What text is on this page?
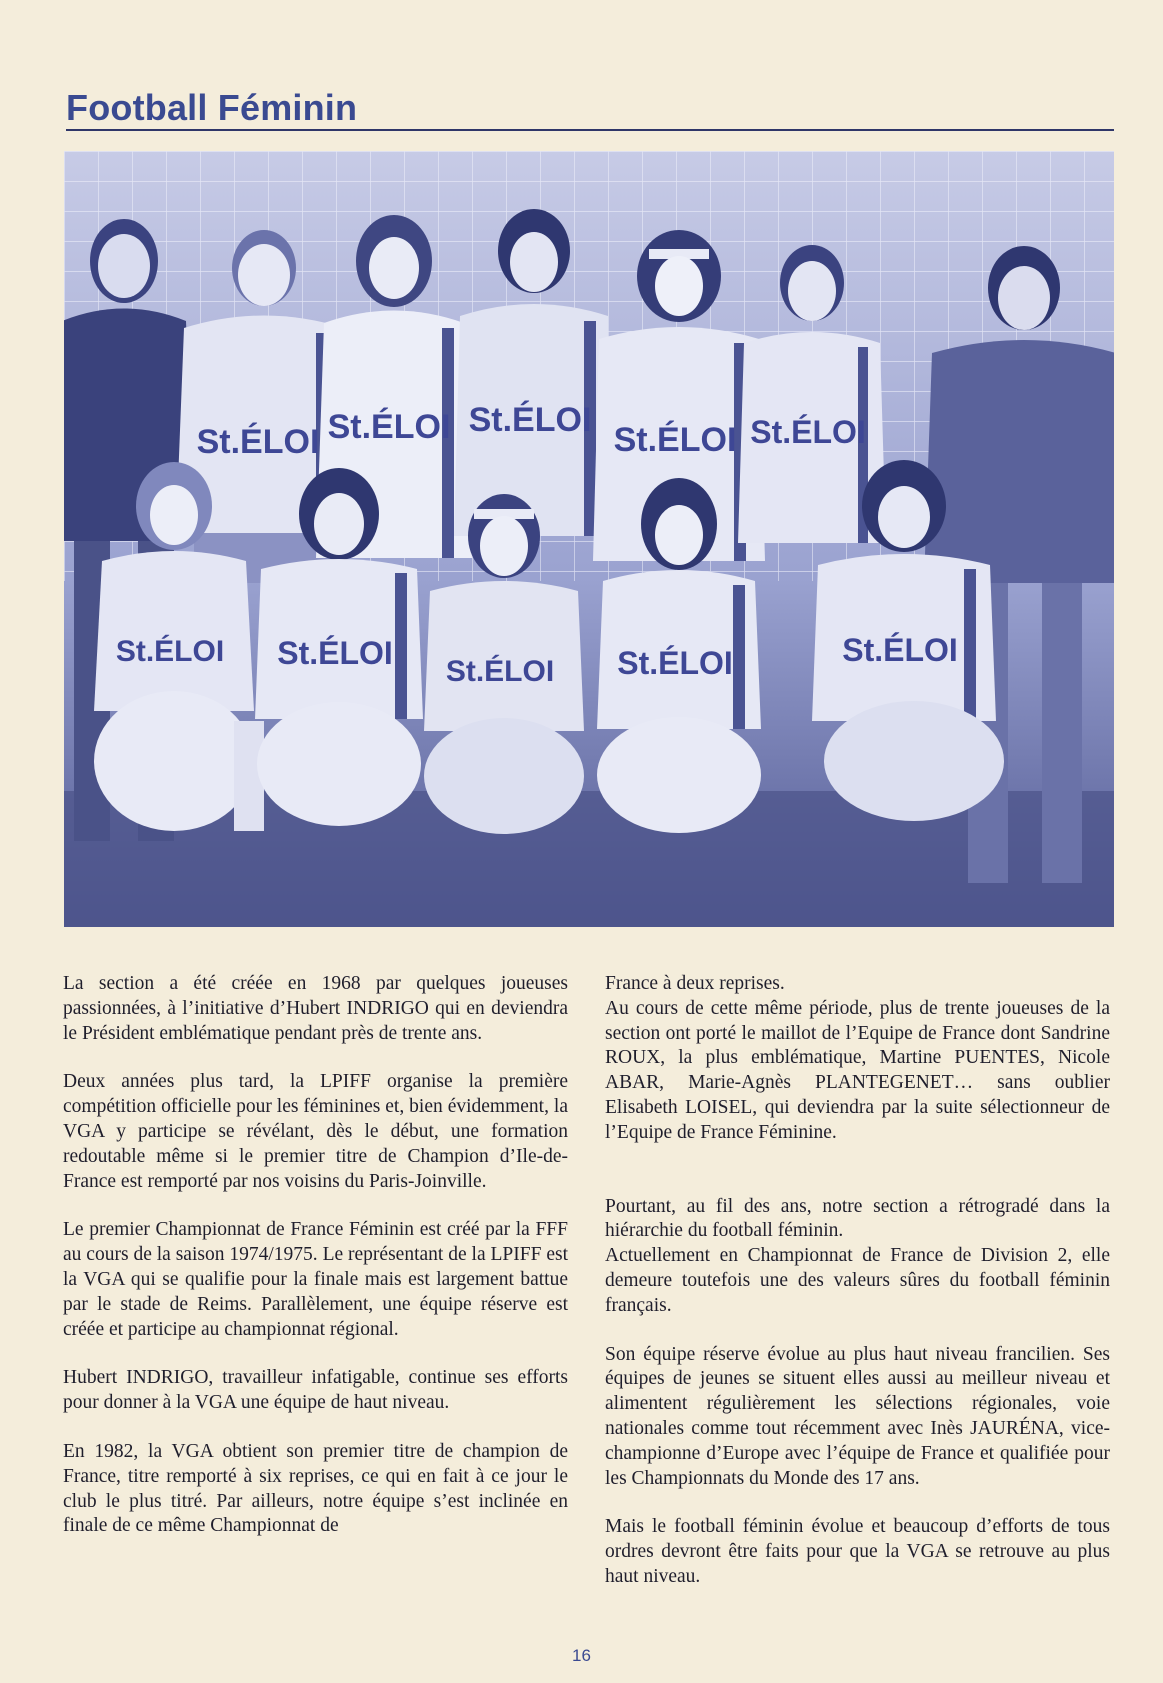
Football Féminin
St.ÉLOI St.ÉLOI St.ÉLOI
St.ÉLOI St.ÉLOI
St.ÉLOI St.ÉLOI
St.ÉLOI St.ÉLOI	St.ÉLOI

La section a été créée en 1968 par quelques joueuses passionnées, à l’initiative d’Hubert INDRIGO qui en deviendra le Président emblématique pendant près de trente ans.

Deux années plus tard, la LPIFF organise la première compétition officielle pour les féminines et, bien évidemment, la VGA y participe se révélant, dès le début, une formation redoutable même si le premier titre de Champion d’Ile-de-France est remporté par nos voisins du Paris-Joinville.

Le premier Championnat de France Féminin est créé par la FFF au cours de la saison 1974/1975. Le représentant de la LPIFF est la VGA qui se qualifie pour la finale mais est largement battue par le stade de Reims. Parallèlement, une équipe réserve est créée et participe au championnat régional.

Hubert INDRIGO, travailleur infatigable, continue ses efforts pour donner à la VGA une équipe de haut niveau.

En 1982, la VGA obtient son premier titre de champion de France, titre remporté à six reprises, ce qui en fait à ce jour le club le plus titré. Par ailleurs, notre équipe s’est inclinée en finale de ce même Championnat de

France à deux reprises.

Au cours de cette même période, plus de trente joueuses de la section ont porté le maillot de l’Equipe de France dont Sandrine ROUX, la plus emblématique, Martine PUENTES, Nicole ABAR, Marie-Agnès PLANTEGENET… sans oublier Elisabeth LOISEL, qui deviendra par la suite sélectionneur de l’Equipe de France Féminine.

Pourtant, au fil des ans, notre section a rétrogradé dans la hiérarchie du football féminin.

Actuellement en Championnat de France de Division 2, elle demeure toutefois une des valeurs sûres du football féminin français.

Son équipe réserve évolue au plus haut niveau francilien. Ses équipes de jeunes se situent elles aussi au meilleur niveau et alimentent régulièrement les sélections régionales, voie nationales comme tout récemment avec Inès JAURÉNA, vice-championne d’Europe avec l’équipe de France et qualifiée pour les Championnats du Monde des 17 ans.

Mais le football féminin évolue et beaucoup d’efforts de tous ordres devront être faits pour que la VGA se retrouve au plus haut niveau.

16
